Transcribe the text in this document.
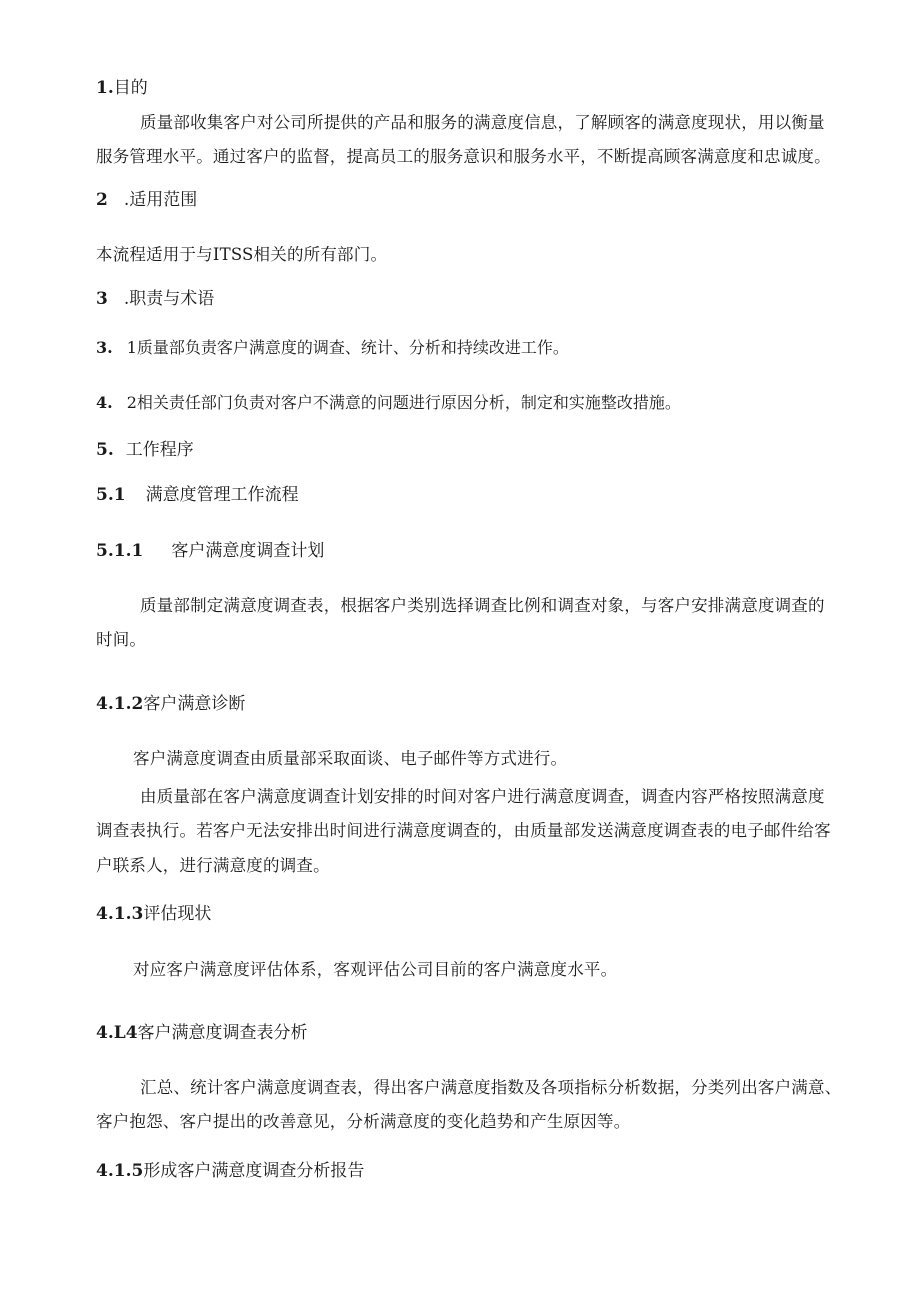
1.目的
质量部收集客户对公司所提供的产品和服务的满意度信息，了解顾客的满意度现状，用以衡量
服务管理水平。通过客户的监督，提高员工的服务意识和服务水平，不断提高顾客满意度和忠诚度。
2 .适用范围
本流程适用于与ITSS相关的所有部门。
3 .职责与术语
3. 1质量部负责客户满意度的调查、统计、分析和持续改进工作。
4. 2相关责任部门负责对客户不满意的问题进行原因分析，制定和实施整改措施。
5. 工作程序
5.1 满意度管理工作流程
5.1.1 客户满意度调查计划
质量部制定满意度调查表，根据客户类别选择调查比例和调查对象，与客户安排满意度调查的
时间。
4.1.2客户满意诊断
客户满意度调查由质量部采取面谈、电子邮件等方式进行。
由质量部在客户满意度调查计划安排的时间对客户进行满意度调查，调查内容严格按照满意度
调查表执行。若客户无法安排出时间进行满意度调查的，由质量部发送满意度调查表的电子邮件给客
户联系人，进行满意度的调查。
4.1.3评估现状
对应客户满意度评估体系，客观评估公司目前的客户满意度水平。
4.L4客户满意度调查表分析
汇总、统计客户满意度调查表，得出客户满意度指数及各项指标分析数据，分类列出客户满意、
客户抱怨、客户提出的改善意见，分析满意度的变化趋势和产生原因等。
4.1.5形成客户满意度调查分析报告
